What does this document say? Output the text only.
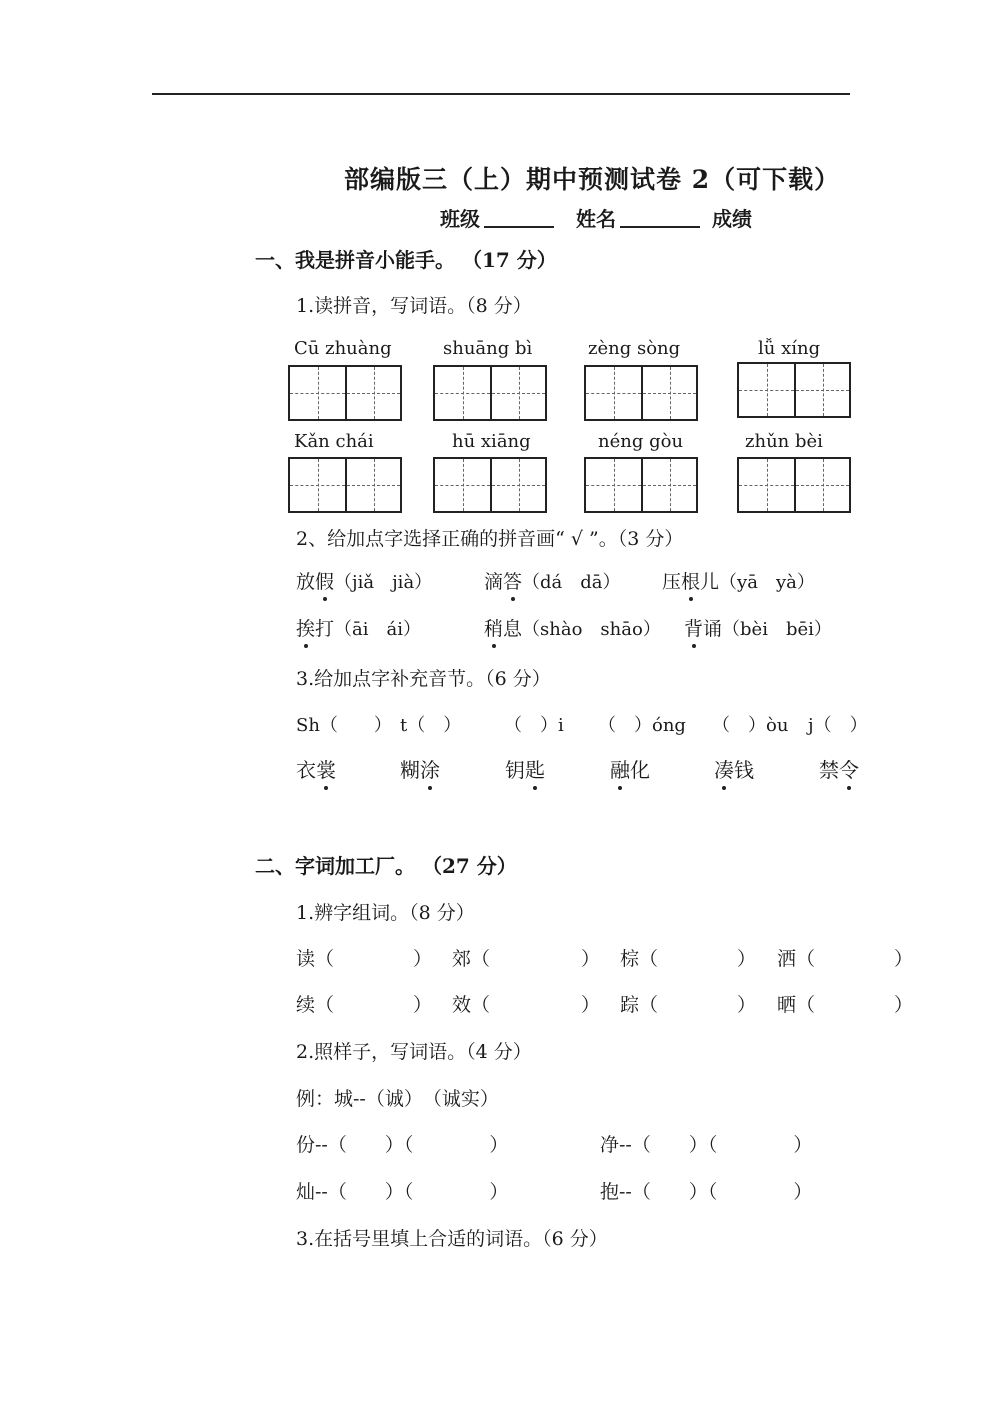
部编版三（上）期中预测试卷 2（可下载）
班级	姓名	成绩
一、我是拼音小能手。 （17 分）
1.读拼音，写词语。（8 分）
Cū zhuàng	shuāng bì	zèng sòng	lǚ xíng
Kǎn chái	hū xiāng	néng gòu	zhǔn bèi
2、给加点字选择正确的拼音画“ √ ”。（3 分）
放假（jiǎ　jià）	滴答（dá　dā） 压根儿（yā　yà）
挨打（āi　ái）	稍息（shào　shāo） 背诵（bèi　bēi）
3.给加点字补充音节。（6 分）
Sh（　　） t（　） （　）i （　）óng （　）òu j（　）
衣裳	糊涂	钥匙	融化	凑钱	禁令
二、字词加工厂。 （27 分）
1.辨字组词。（8 分）
读（	） 郊（	） 棕（	） 洒（	）
续（	） 效（	） 踪（	） 晒（	）
2.照样子，写词语。（4 分）
例：城--（诚）　（诚实）
份--（　　）（　　　　）	净--（　　）（　　　　）
灿--（　　）（　　　　）	抱--（　　）（　　　　）
3.在括号里填上合适的词语。（6 分）
